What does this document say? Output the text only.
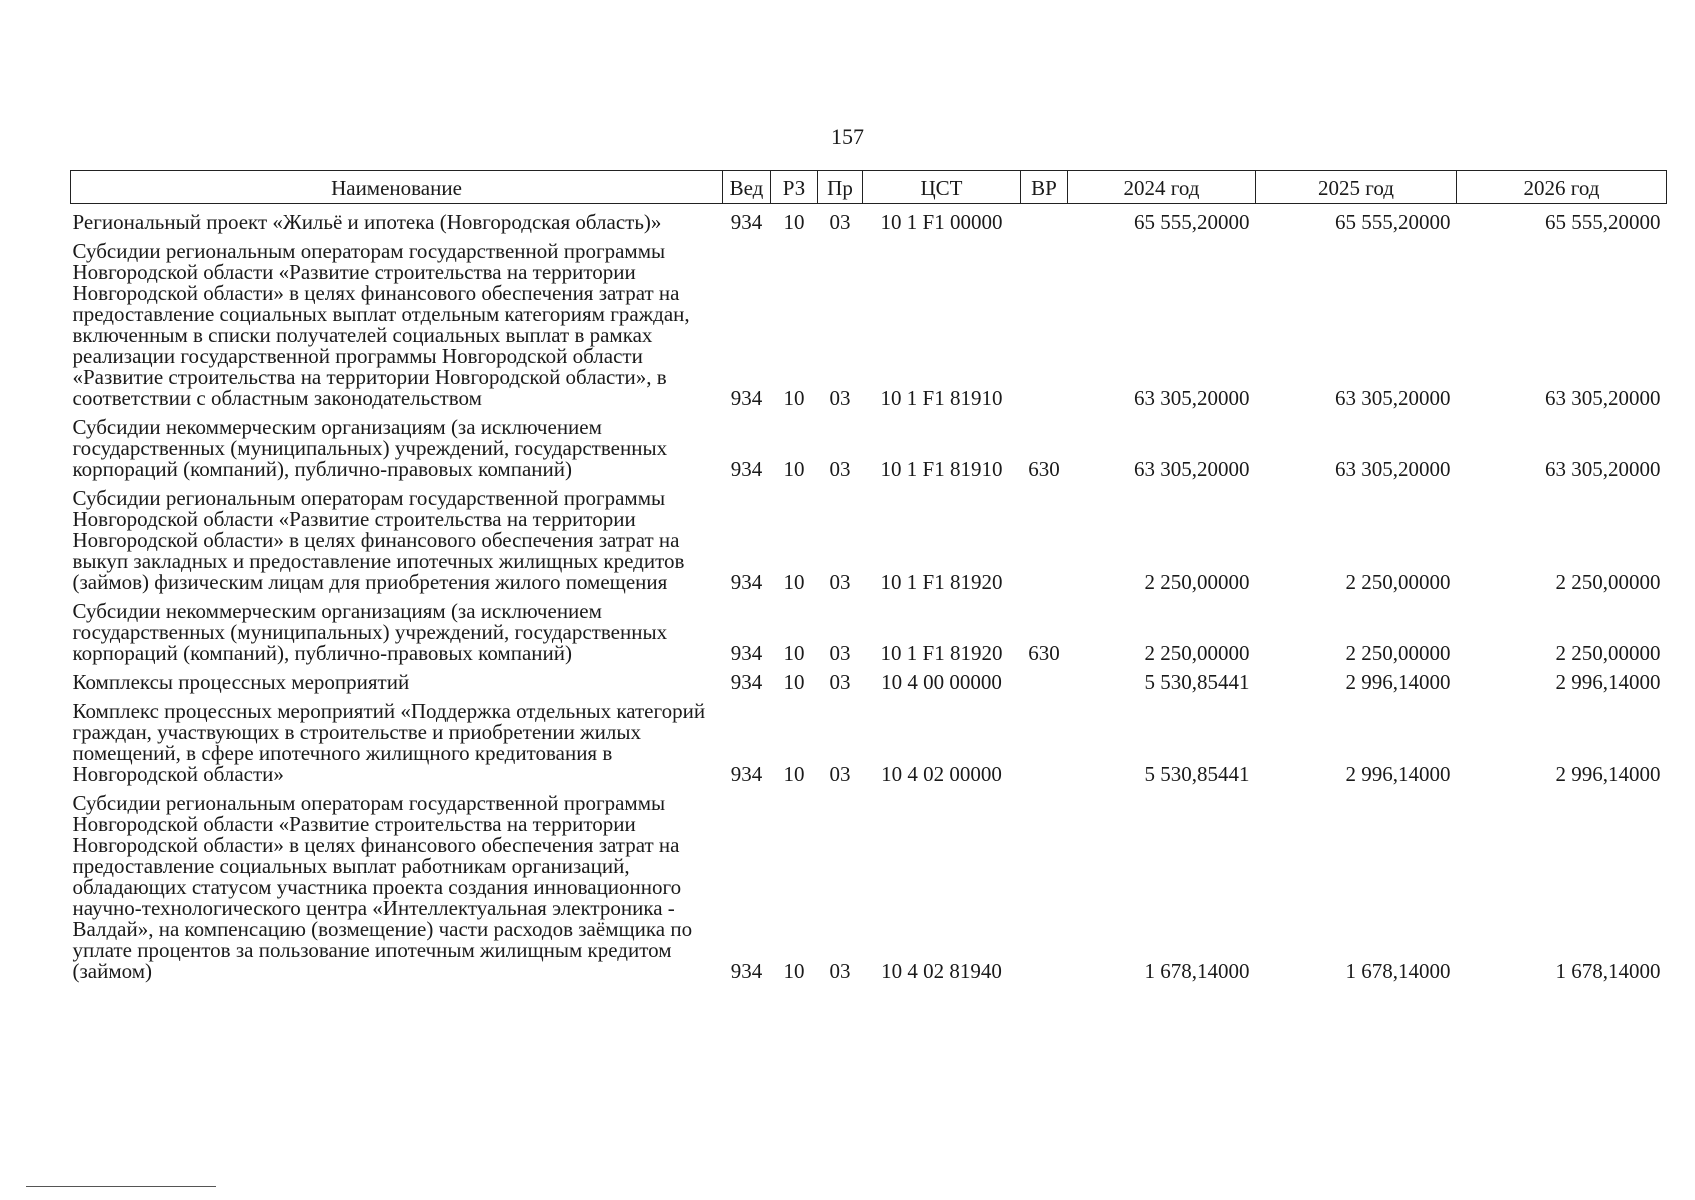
157
Наименование	Вед	РЗ	Пр	ЦСТ	ВР	2024 год	2025 год	2026 год
Региональный проект «Жильё и ипотека (Новгородская область)»	934	10	03	10 1 F1 00000		65 555,20000	65 555,20000	65 555,20000
Субсидии региональным операторам государственной программы Новгородской области «Развитие строительства на территории Новгородской области» в целях финансового обеспечения затрат на предоставление социальных выплат отдельным категориям граждан, включенным в списки получателей социальных выплат в рамках реализации государственной программы Новгородской области «Развитие строительства на территории Новгородской области», в соответствии с областным законодательством	934	10	03	10 1 F1 81910		63 305,20000	63 305,20000	63 305,20000
Субсидии некоммерческим организациям (за исключением государственных (муниципальных) учреждений, государственных корпораций (компаний), публично-правовых компаний)	934	10	03	10 1 F1 81910	630	63 305,20000	63 305,20000	63 305,20000
Субсидии региональным операторам государственной программы Новгородской области «Развитие строительства на территории Новгородской области» в целях финансового обеспечения затрат на выкуп закладных и предоставление ипотечных жилищных кредитов (займов) физическим лицам для приобретения жилого помещения	934	10	03	10 1 F1 81920		2 250,00000	2 250,00000	2 250,00000
Субсидии некоммерческим организациям (за исключением государственных (муниципальных) учреждений, государственных корпораций (компаний), публично-правовых компаний)	934	10	03	10 1 F1 81920	630	2 250,00000	2 250,00000	2 250,00000
Комплексы процессных мероприятий	934	10	03	10 4 00 00000		5 530,85441	2 996,14000	2 996,14000
Комплекс процессных мероприятий «Поддержка отдельных категорий граждан, участвующих в строительстве и приобретении жилых помещений, в сфере ипотечного жилищного кредитования в Новгородской области»	934	10	03	10 4 02 00000		5 530,85441	2 996,14000	2 996,14000
Субсидии региональным операторам государственной программы Новгородской области «Развитие строительства на территории Новгородской области» в целях финансового обеспечения затрат на предоставление социальных выплат работникам организаций, обладающих статусом участника проекта создания инновационного научно-технологического центра «Интеллектуальная электроника - Валдай», на компенсацию (возмещение) части расходов заёмщика по уплате процентов за пользование ипотечным жилищным кредитом (займом)	934	10	03	10 4 02 81940		1 678,14000	1 678,14000	1 678,14000
